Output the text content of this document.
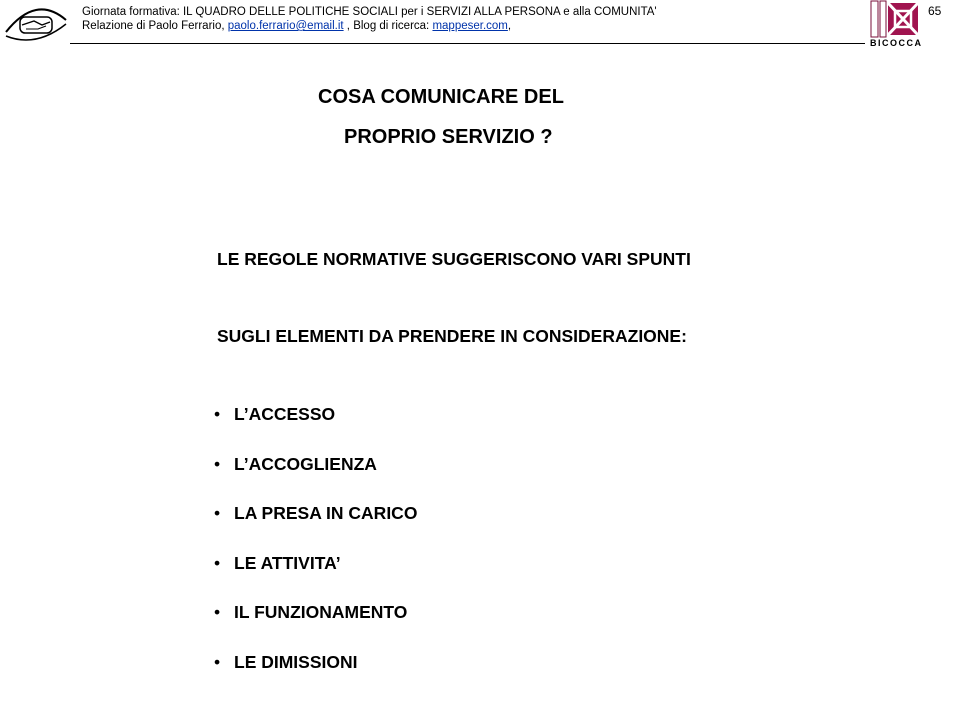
Giornata formativa: IL QUADRO DELLE POLITICHE SOCIALI per i SERVIZI ALLA PERSONA e alla COMUNITA'
Relazione di Paolo Ferrario, paolo.ferrario@email.it , Blog di ricerca: mappeser.com,
BICOCCA
65
COSA COMUNICARE DEL
PROPRIO SERVIZIO ?
LE REGOLE NORMATIVE SUGGERISCONO VARI SPUNTI
SUGLI ELEMENTI DA PRENDERE IN CONSIDERAZIONE:
• L’ACCESSO
• L’ACCOGLIENZA
• LA PRESA IN CARICO
• LE ATTIVITA’
• IL FUNZIONAMENTO
• LE DIMISSIONI
